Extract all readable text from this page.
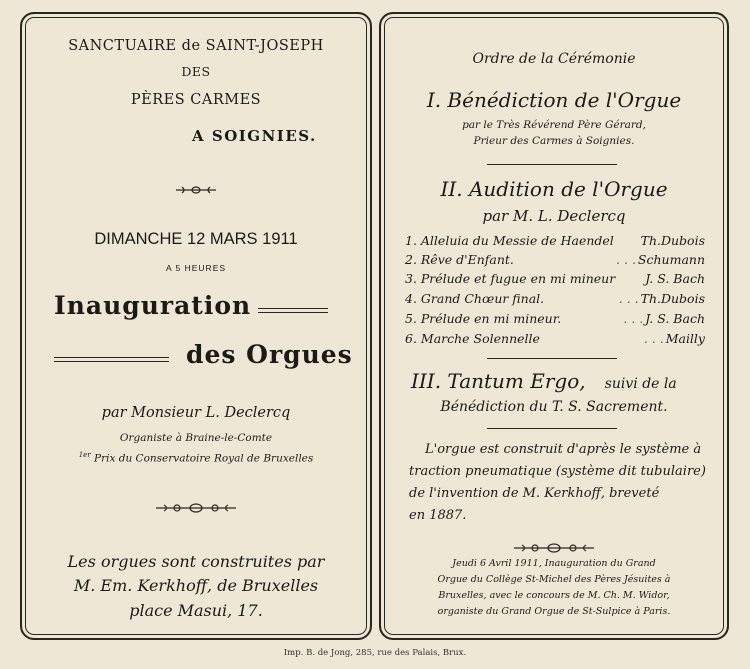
SANCTUAIRE de SAINT-JOSEPH
DES
PÈRES CARMES
A SOIGNIES.
DIMANCHE 12 MARS 1911
A 5 HEURES
Inauguration
des Orgues
par Monsieur L. Declercq
Organiste à Braine-le-Comte
$^{1er}$ Prix du Conservatoire Royal de Bruxelles
Les orgues sont construites par
M. Em. Kerkhoff, de Bruxelles
place Masui, 17.
Ordre de la Cérémonie
I. Bénédiction de l'Orgue
par le Très Révérend Père Gérard,
Prieur des Carmes à Soignies.
II. Audition de l'Orgue
par M. L. Declercq
1. Alleluia du Messie de Haendel	Th.Dubois
2. Rêve d'Enfant.	. . . Schumann
3. Prélude et fugue en mi mineur	J. S. Bach
4. Grand Chœur final.	. . . Th.Dubois
5. Prélude en mi mineur.	. . . J. S. Bach
6. Marche Solennelle	. . . Mailly
III. Tantum Ergo, suivi de la
Bénédiction du T. S. Sacrement.
L'orgue est construit d'après le système à
traction pneumatique (système dit tubulaire)
de l'invention de M. Kerkhoff, breveté
en 1887.
Jeudi 6 Avril 1911, Inauguration du Grand
Orgue du Collège St-Michel des Pères Jésuites à
Bruxelles, avec le concours de M. Ch. M. Widor,
organiste du Grand Orgue de St-Sulpice à Paris.
Imp. B. de Jong, 285, rue des Palais, Brux.
